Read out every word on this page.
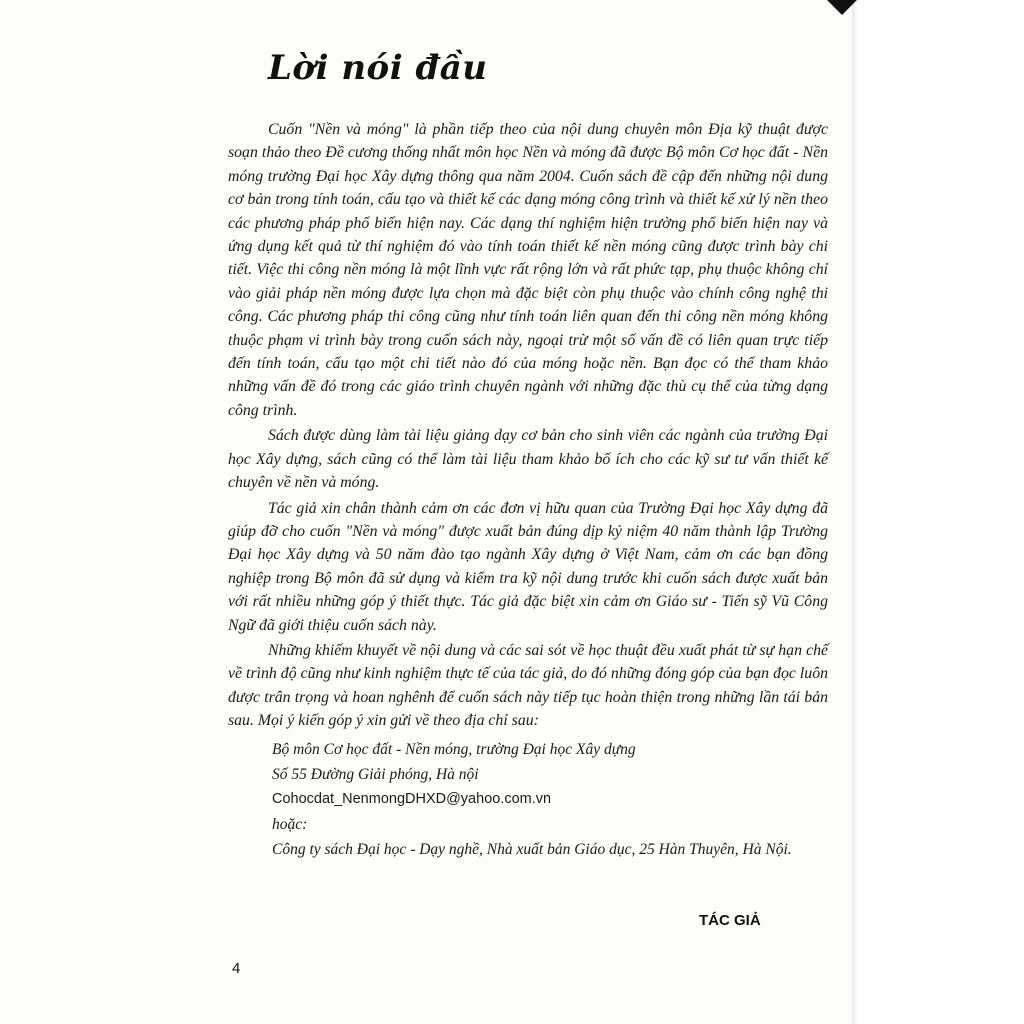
Lời nói đầu

Cuốn "Nền và móng" là phần tiếp theo của nội dung chuyên môn Địa kỹ thuật được soạn thảo theo Đề cương thống nhất môn học Nền và móng đã được Bộ môn Cơ học đất - Nền móng trường Đại học Xây dựng thông qua năm 2004. Cuốn sách đề cập đến những nội dung cơ bản trong tính toán, cấu tạo và thiết kế các dạng móng công trình và thiết kế xử lý nền theo các phương pháp phổ biến hiện nay. Các dạng thí nghiệm hiện trường phổ biến hiện nay và ứng dụng kết quả từ thí nghiệm đó vào tính toán thiết kế nền móng cũng được trình bày chi tiết. Việc thi công nền móng là một lĩnh vực rất rộng lớn và rất phức tạp, phụ thuộc không chỉ vào giải pháp nền móng được lựa chọn mà đặc biệt còn phụ thuộc vào chính công nghệ thi công. Các phương pháp thi công cũng như tính toán liên quan đến thi công nền móng không thuộc phạm vi trình bày trong cuốn sách này, ngoại trừ một số vấn đề có liên quan trực tiếp đến tính toán, cấu tạo một chi tiết nào đó của móng hoặc nền. Bạn đọc có thể tham khảo những vấn đề đó trong các giáo trình chuyên ngành với những đặc thù cụ thể của từng dạng công trình.

Sách được dùng làm tài liệu giảng dạy cơ bản cho sinh viên các ngành của trường Đại học Xây dựng, sách cũng có thể làm tài liệu tham khảo bổ ích cho các kỹ sư tư vấn thiết kế chuyên về nền và móng.

Tác giả xin chân thành cảm ơn các đơn vị hữu quan của Trường Đại học Xây dựng đã giúp đỡ cho cuốn "Nền và móng" được xuất bản đúng dịp kỷ niệm 40 năm thành lập Trường Đại học Xây dựng và 50 năm đào tạo ngành Xây dựng ở Việt Nam, cảm ơn các bạn đồng nghiệp trong Bộ môn đã sử dụng và kiểm tra kỹ nội dung trước khi cuốn sách được xuất bản với rất nhiều những góp ý thiết thực. Tác giả đặc biệt xin cảm ơn Giáo sư - Tiến sỹ Vũ Công Ngữ đã giới thiệu cuốn sách này.

Những khiếm khuyết về nội dung và các sai sót về học thuật đều xuất phát từ sự hạn chế về trình độ cũng như kinh nghiệm thực tế của tác giả, do đó những đóng góp của bạn đọc luôn được trân trọng và hoan nghênh để cuốn sách này tiếp tục hoàn thiện trong những lần tái bản sau. Mọi ý kiến góp ý xin gửi về theo địa chỉ sau:

Bộ môn Cơ học đất - Nền móng, trường Đại học Xây dựng
Số 55 Đường Giải phóng, Hà nội
Cohocdat_NenmongDHXD@yahoo.com.vn
hoặc:
Công ty sách Đại học - Dạy nghề, Nhà xuất bản Giáo dục, 25 Hàn Thuyên, Hà Nội.
TÁC GIẢ
4
